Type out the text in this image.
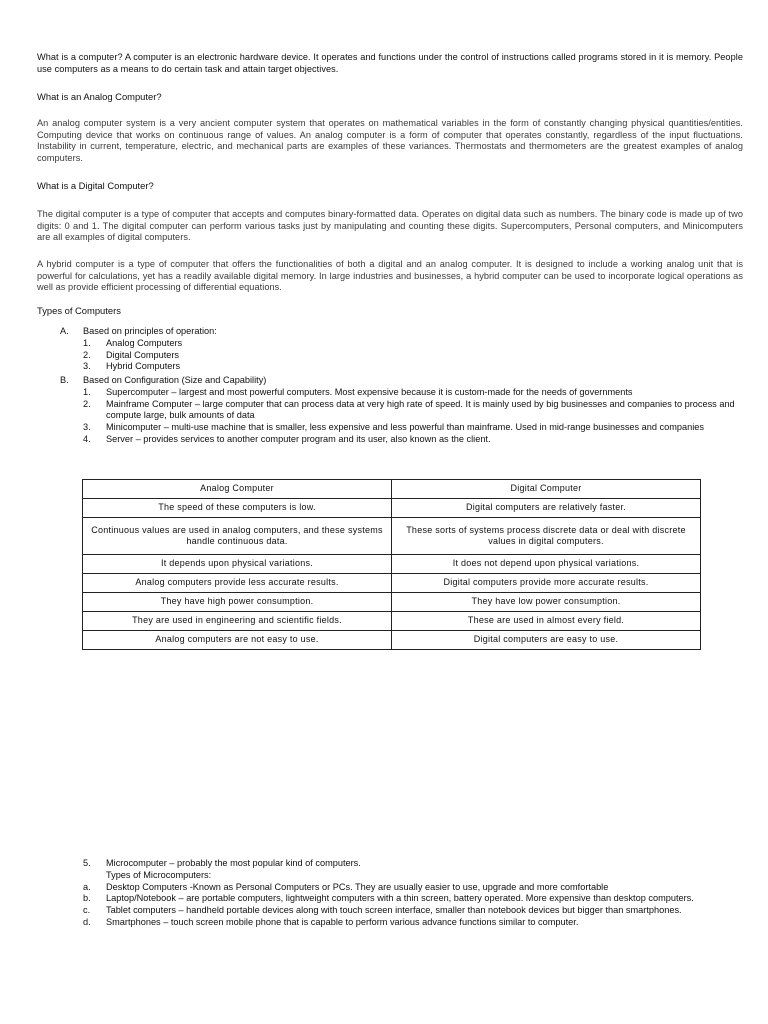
What is a computer? A computer is an electronic hardware device. It operates and functions under the control of instructions called programs stored in it is memory. People use computers as a means to do certain task and attain target objectives.
What is an Analog Computer?
An analog computer system is a very ancient computer system that operates on mathematical variables in the form of constantly changing physical quantities/entities. Computing device that works on continuous range of values. An analog computer is a form of computer that operates constantly, regardless of the input fluctuations. Instability in current, temperature, electric, and mechanical parts are examples of these variances. Thermostats and thermometers are the greatest examples of analog computers.
What is a Digital Computer?
The digital computer is a type of computer that accepts and computes binary-formatted data. Operates on digital data such as numbers. The binary code is made up of two digits: 0 and 1. The digital computer can perform various tasks just by manipulating and counting these digits. Supercomputers, Personal computers, and Minicomputers are all examples of digital computers.
A hybrid computer is a type of computer that offers the functionalities of both a digital and an analog computer. It is designed to include a working analog unit that is powerful for calculations, yet has a readily available digital memory. In large industries and businesses, a hybrid computer can be used to incorporate logical operations as well as provide efficient processing of differential equations.
Types of Computers
A.	Based on principles of operation:
1.	Analog Computers
2.	Digital Computers
3.	Hybrid Computers
B.	Based on Configuration (Size and Capability)
1.	Supercomputer – largest and most powerful computers. Most expensive because it is custom-made for the needs of governments
2.	Mainframe Computer – large computer that can process data at very high rate of speed. It is mainly used by big businesses and companies to process and compute large, bulk amounts of data
3.	Minicomputer – multi-use machine that is smaller, less expensive and less powerful than mainframe. Used in mid-range businesses and companies
4.	Server – provides services to another computer program and its user, also known as the client.
Analog Computer	Digital Computer
The speed of these computers is low.	Digital computers are relatively faster.
Continuous values are used in analog computers, and these systems handle continuous data.	These sorts of systems process discrete data or deal with discrete values in digital computers.
It depends upon physical variations.	It does not depend upon physical variations.
Analog computers provide less accurate results.	Digital computers provide more accurate results.
They have high power consumption.	They have low power consumption.
They are used in engineering and scientific fields.	These are used in almost every field.
Analog computers are not easy to use.	Digital computers are easy to use.
5.	Microcomputer – probably the most popular kind of computers.
Types of Microcomputers:
a.	Desktop Computers -Known as Personal Computers or PCs. They are usually easier to use, upgrade and more comfortable
b.	Laptop/Notebook – are portable computers, lightweight computers with a thin screen, battery operated. More expensive than desktop computers.
c.	Tablet computers – handheld portable devices along with touch screen interface, smaller than notebook devices but bigger than smartphones.
d.	Smartphones – touch screen mobile phone that is capable to perform various advance functions similar to computer.
